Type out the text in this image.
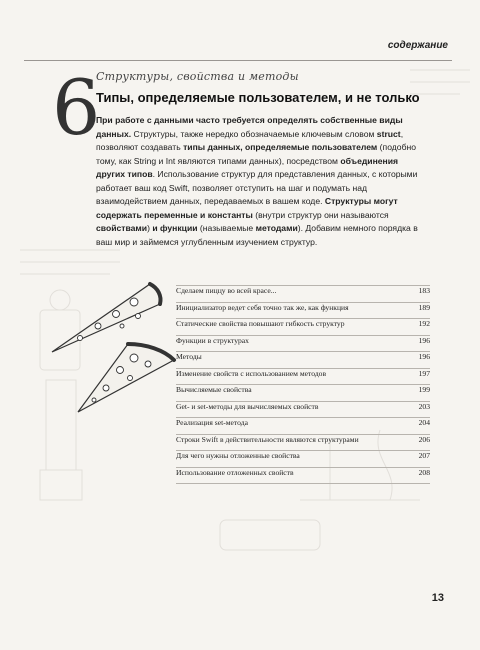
содержание
6
Структуры, свойства и методы
Типы, определяемые пользователем, и не только

При работе с данными часто требуется определять собственные виды данных. Структуры, также нередко обозначаемые ключевым словом struct, позволяют создавать типы данных, определяемые пользователем (подобно тому, как String и Int являются типами данных), посредством объединения других типов. Использование структур для представления данных, с которыми работает ваш код Swift, позволяет отступить на шаг и подумать над взаимодействием данных, передаваемых в вашем коде. Структуры могут содержать переменные и константы (внутри структур они называются свойствами) и функции (называемые методами). Добавим немного порядка в ваш мир и займемся углубленным изучением структур.

Сделаем пиццу во всей красе...	183
Инициализатор ведет себя точно так же, как функция	189
Статические свойства повышают гибкость структур	192
Функции в структурах	196
Методы	196
Изменение свойств с использованием методов	197
Вычисляемые свойства	199
Get- и set-методы для вычисляемых свойств	203
Реализация set-метода	204
Строки Swift в действительности являются структурами	206
Для чего нужны отложенные свойства	207
Использование отложенных свойств	208
13
